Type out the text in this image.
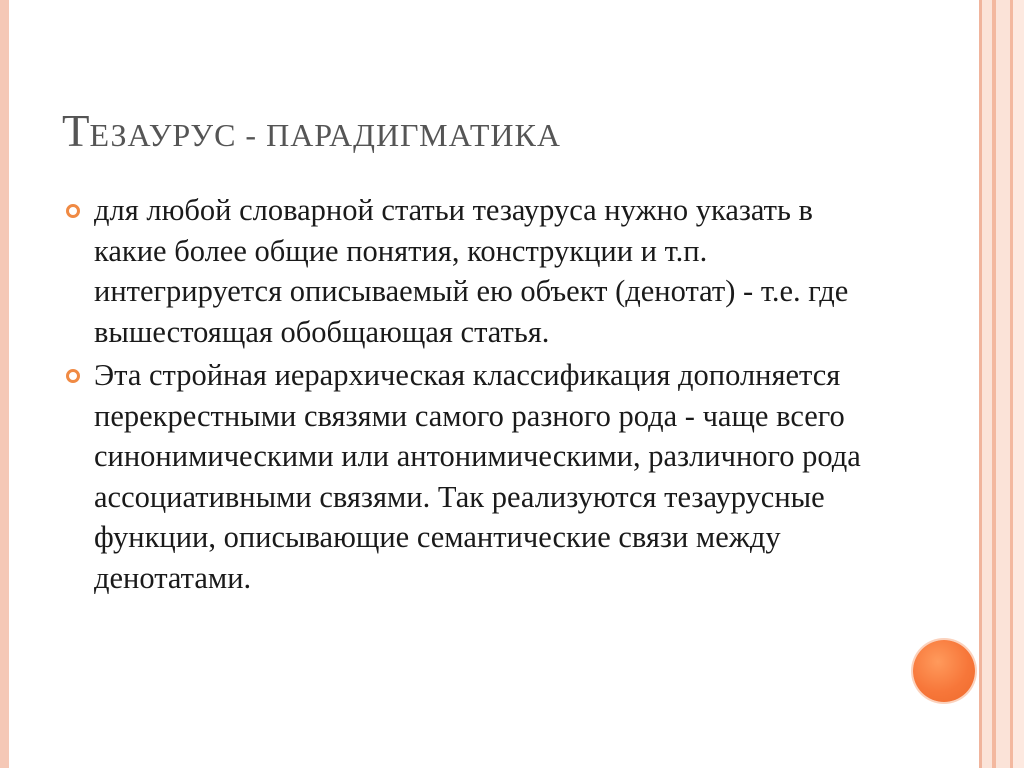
ТЕЗАУРУС - ПАРАДИГМАТИКА
для любой словарной статьи тезауруса нужно указать в какие более общие понятия, конструкции и т.п. интегрируется описываемый ею объект (денотат) - т.е. где вышестоящая обобщающая статья.
Эта стройная иерархическая классификация дополняется перекрестными связями самого разного рода - чаще всего синонимическими или антонимическими, различного рода ассоциативными связями. Так реализуются тезаурусные функции, описывающие семантические связи между денотатами.
